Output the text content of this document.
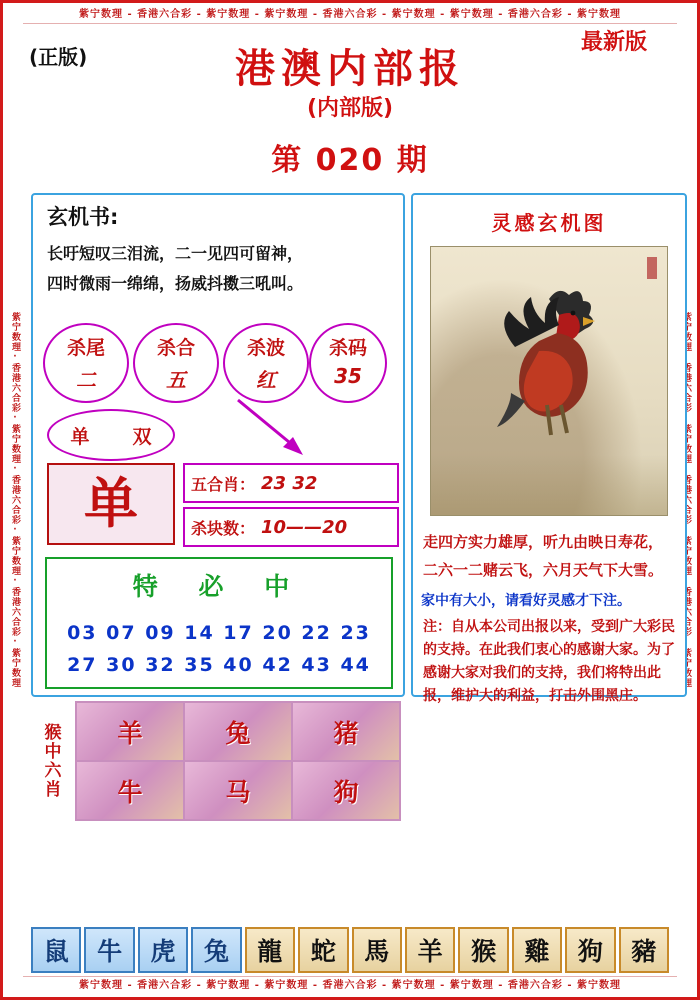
紫宁数理 - 香港六合彩 - 紫宁数理 - 紫宁数理 - 香港六合彩 - 紫宁数理 - 紫宁数理 - 香港六合彩 - 紫宁数理
紫宁数理 - 香港六合彩 - 紫宁数理 - 紫宁数理 - 香港六合彩 - 紫宁数理 - 紫宁数理 - 香港六合彩 - 紫宁数理
紫宁数理·香港六合彩·紫宁数理·香港六合彩·紫宁数理·香港六合彩·紫宁数理
(正版)
最新版
港澳内部报
(内部版)
第 020 期
玄机书:
长吁短叹三泪流，二一见四可留神，
四时微雨一绵绵，扬威抖擞三吼叫。
杀尾
二
杀合
五
杀波
红
杀码
35
单 双
单	五合肖： 23 32
杀块数： 10——20
特 必 中
03 07 09 14 17 20 22 23
27 30 32 35 40 42 43 44
灵感玄机图
走四方实力雄厚，听九由映日寿花，
二六一二赌云飞，六月天气下大雪。
家中有大小，请看好灵感才下注。
注：自从本公司出报以来，受到广大彩民的支持。在此我们衷心的感谢大家。为了感谢大家对我们的支持，我们将特出此报，维护大的利益，打击外围黑庄。
猴中六肖 羊	兔	猪
牛	马	狗
鼠	牛	虎	兔	龍	蛇	馬	羊	猴	雞	狗	豬
